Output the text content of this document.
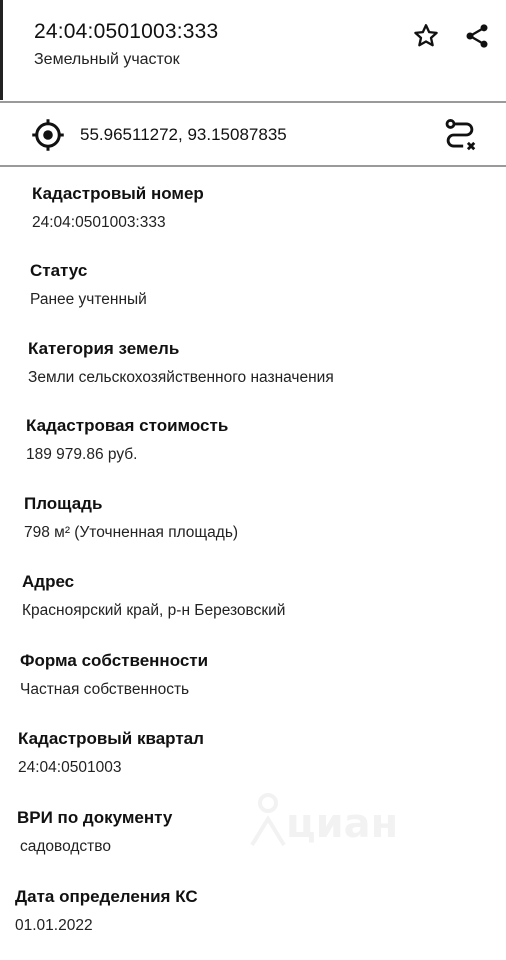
24:04:0501003:333
Земельный участок
55.96511272, 93.15087835
Кадастровый номер
24:04:0501003:333
Статус
Ранее учтенный
Категория земель
Земли сельскохозяйственного назначения
Кадастровая стоимость
189 979.86 руб.
Площадь
798 м² (Уточненная площадь)
Адрес
Красноярский край, р-н Березовский
Форма собственности
Частная собственность
Кадастровый квартал
24:04:0501003
ВРИ по документу
садоводство
Дата определения КС
01.01.2022
циан
